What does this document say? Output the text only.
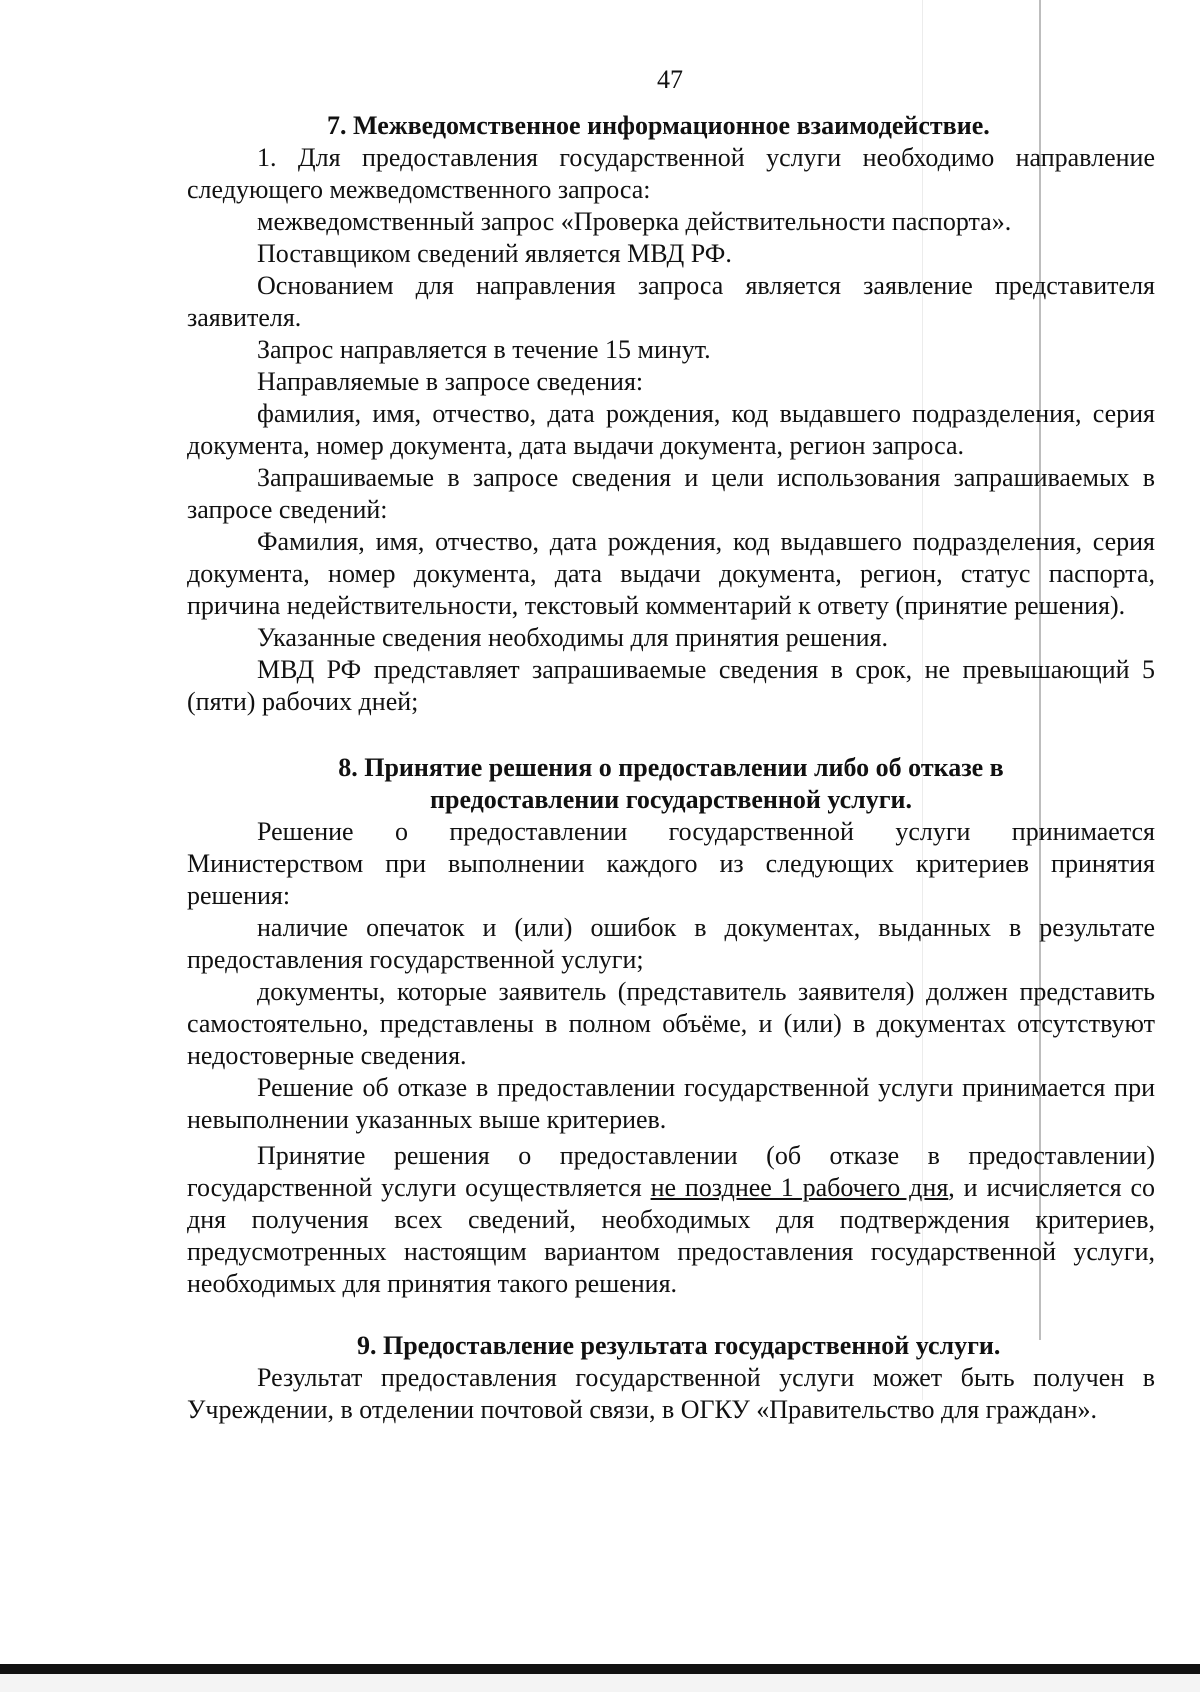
47

7. Межведомственное информационное взаимодействие.

1. Для предоставления государственной услуги необходимо направление следующего межведомственного запроса:

межведомственный запрос «Проверка действительности паспорта».

Поставщиком сведений является МВД РФ.

Основанием для направления запроса является заявление представителя заявителя.

Запрос направляется в течение 15 минут.

Направляемые в запросе сведения:

фамилия, имя, отчество, дата рождения, код выдавшего подразделения, серия документа, номер документа, дата выдачи документа, регион запроса.

Запрашиваемые в запросе сведения и цели использования запрашиваемых в запросе сведений:

Фамилия, имя, отчество, дата рождения, код выдавшего подразделения, серия документа, номер документа, дата выдачи документа, регион, статус паспорта, причина недействительности, текстовый комментарий к ответу (принятие решения).

Указанные сведения необходимы для принятия решения.

МВД РФ представляет запрашиваемые сведения в срок, не превышающий 5 (пяти) рабочих дней;

8. Принятие решения о предоставлении либо об отказе в

предоставлении государственной услуги.

Решение о предоставлении государственной услуги принимается Министерством при выполнении каждого из следующих критериев принятия решения:

наличие опечаток и (или) ошибок в документах, выданных в результате предоставления государственной услуги;

документы, которые заявитель (представитель заявителя) должен представить самостоятельно, представлены в полном объёме, и (или) в документах отсутствуют недостоверные сведения.

Решение об отказе в предоставлении государственной услуги принимается при невыполнении указанных выше критериев.

Принятие решения о предоставлении (об отказе в предоставлении) государственной услуги осуществляется не позднее 1 рабочего дня, и исчисляется со дня получения всех сведений, необходимых для подтверждения критериев, предусмотренных настоящим вариантом предоставления государственной услуги, необходимых для принятия такого решения.

9. Предоставление результата государственной услуги.

Результат предоставления государственной услуги может быть получен в Учреждении, в отделении почтовой связи, в ОГКУ «Правительство для граждан».
